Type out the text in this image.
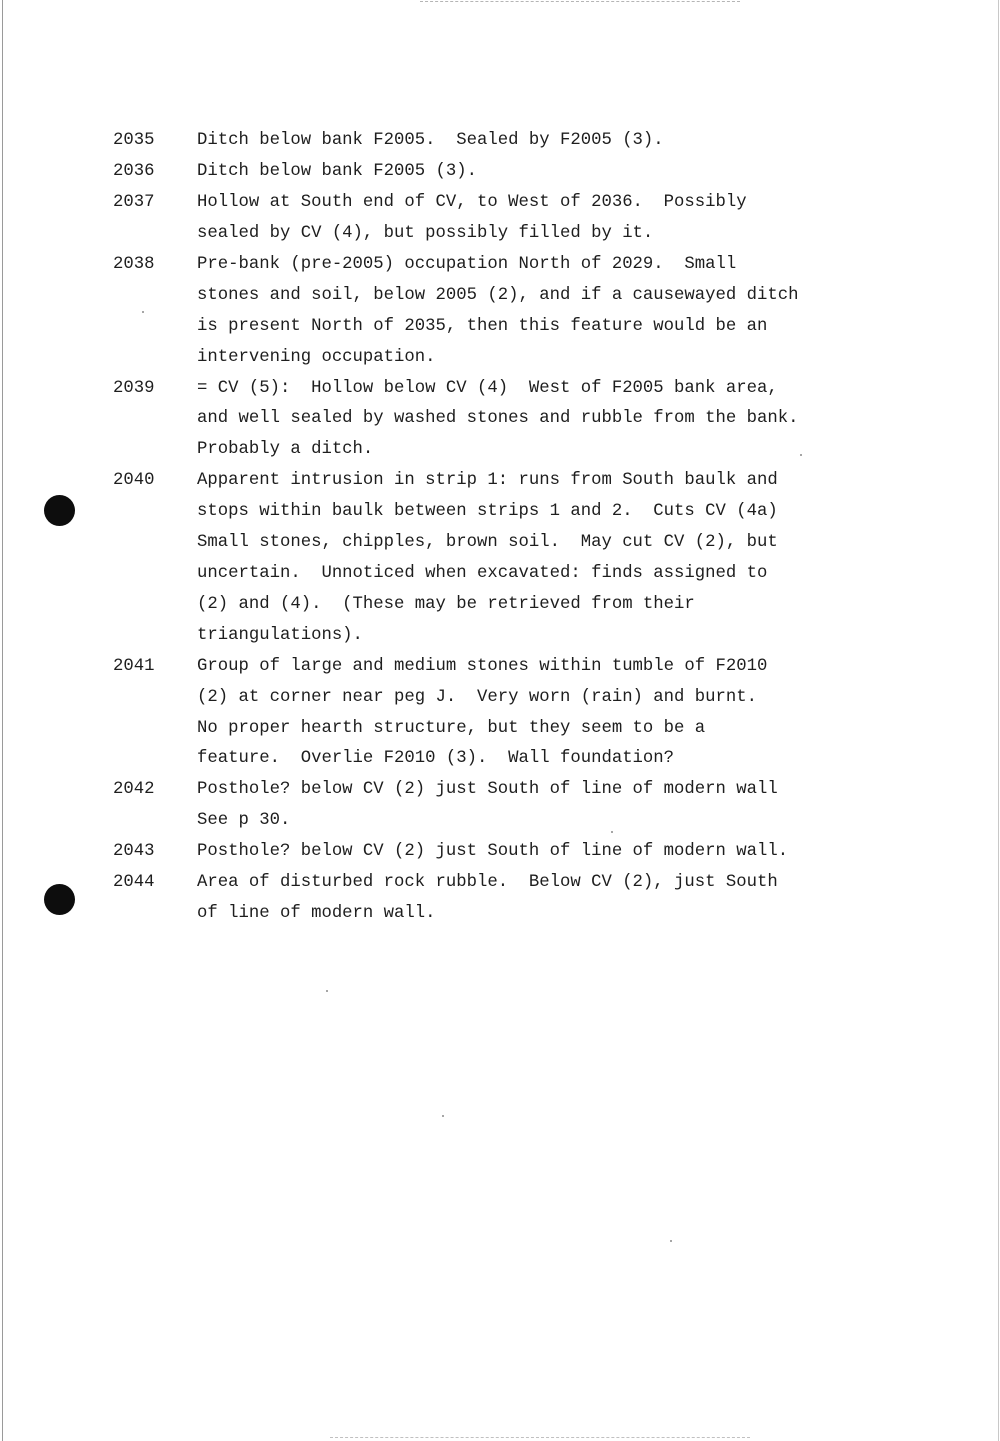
2035	Ditch below bank F2005.  Sealed by F2005 (3).
2036	Ditch below bank F2005 (3).
2037	Hollow at South end of CV, to West of 2036.  Possibly
sealed by CV (4), but possibly filled by it.
2038	Pre-bank (pre-2005) occupation North of 2029.  Small
stones and soil, below 2005 (2), and if a causewayed ditch
is present North of 2035, then this feature would be an
intervening occupation.
2039	= CV (5):  Hollow below CV (4)  West of F2005 bank area,
and well sealed by washed stones and rubble from the bank.
Probably a ditch.
2040	Apparent intrusion in strip 1: runs from South baulk and
stops within baulk between strips 1 and 2.  Cuts CV (4a)
Small stones, chipples, brown soil.  May cut CV (2), but
uncertain.  Unnoticed when excavated: finds assigned to
(2) and (4).  (These may be retrieved from their
triangulations).
2041	Group of large and medium stones within tumble of F2010
(2) at corner near peg J.  Very worn (rain) and burnt.
No proper hearth structure, but they seem to be a
feature.  Overlie F2010 (3).  Wall foundation?
2042	Posthole? below CV (2) just South of line of modern wall
See p 30.
2043	Posthole? below CV (2) just South of line of modern wall.
2044	Area of disturbed rock rubble.  Below CV (2), just South
of line of modern wall.
